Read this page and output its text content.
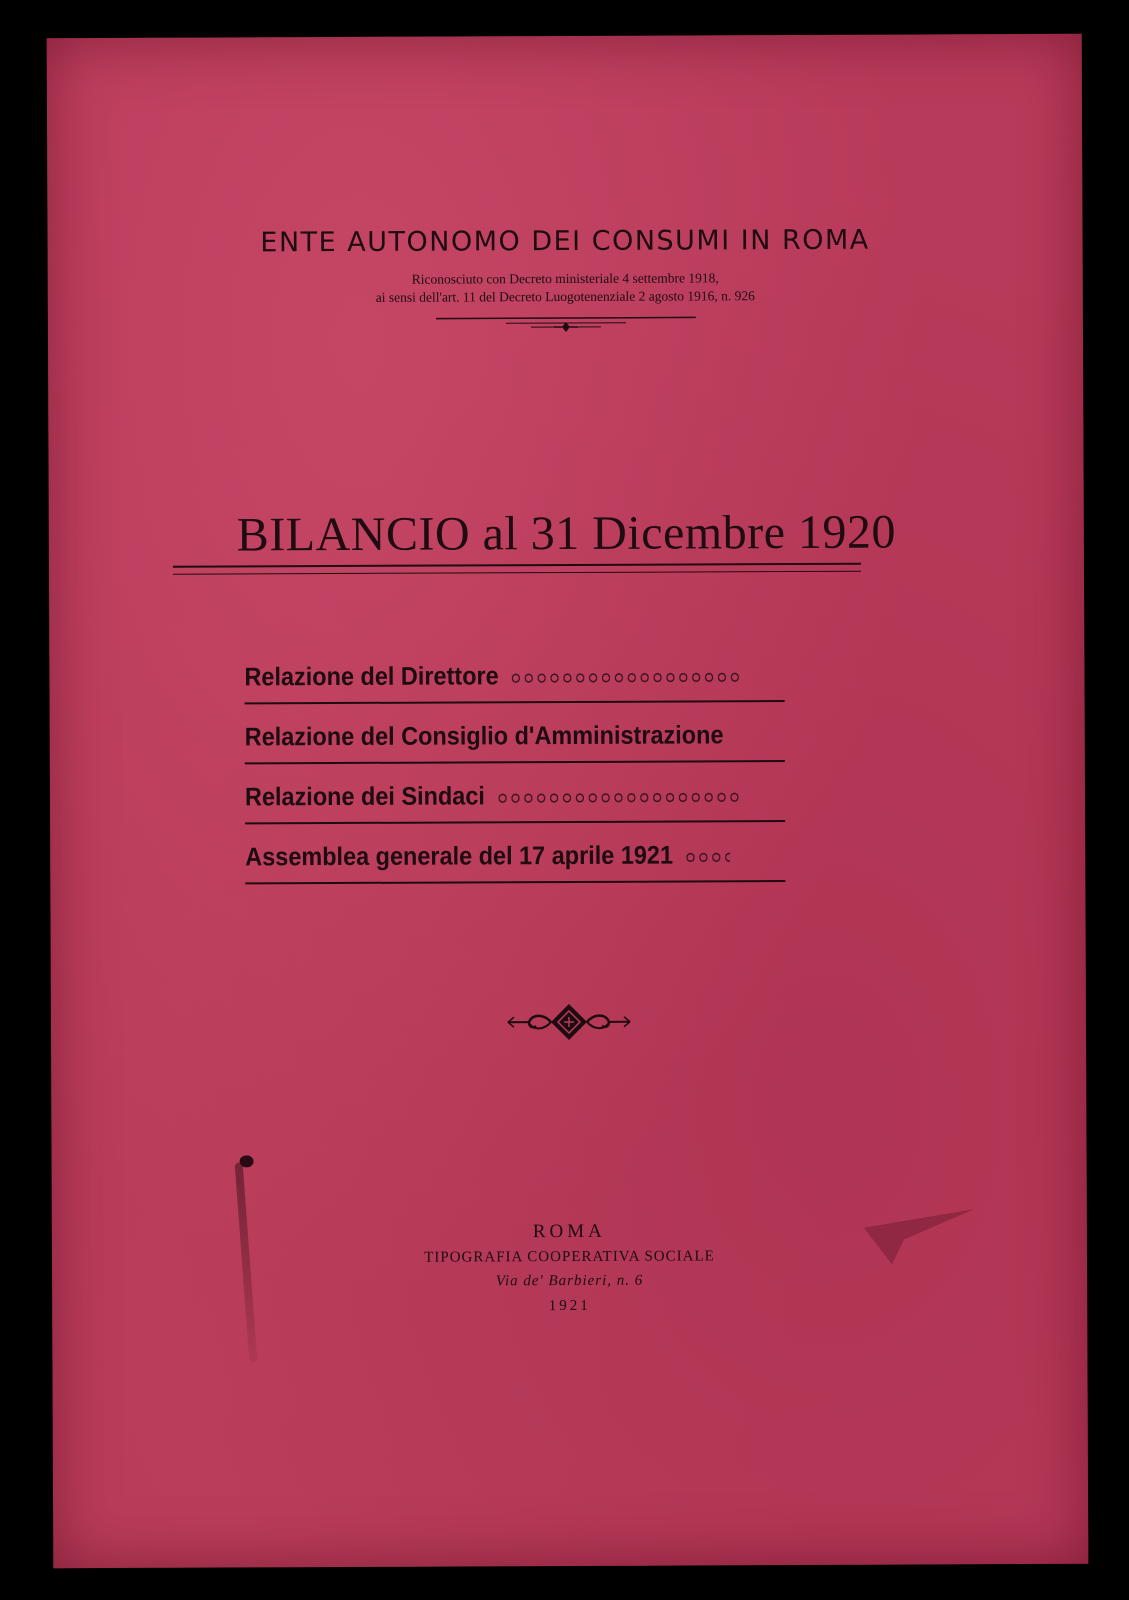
ENTE AUTONOMO DEI CONSUMI IN ROMA
Riconosciuto con Decreto ministeriale 4 settembre 1918,
ai sensi dell'art. 11 del Decreto Luogotenenziale 2 agosto 1916, n. 926
BILANCIO al 31 Dicembre 1920
Relazione del Direttore
Relazione del Consiglio d'Amministrazione
Relazione dei Sindaci
Assemblea generale del 17 aprile 1921
ROMA
TIPOGRAFIA COOPERATIVA SOCIALE
Via de' Barbieri, n. 6
1921
